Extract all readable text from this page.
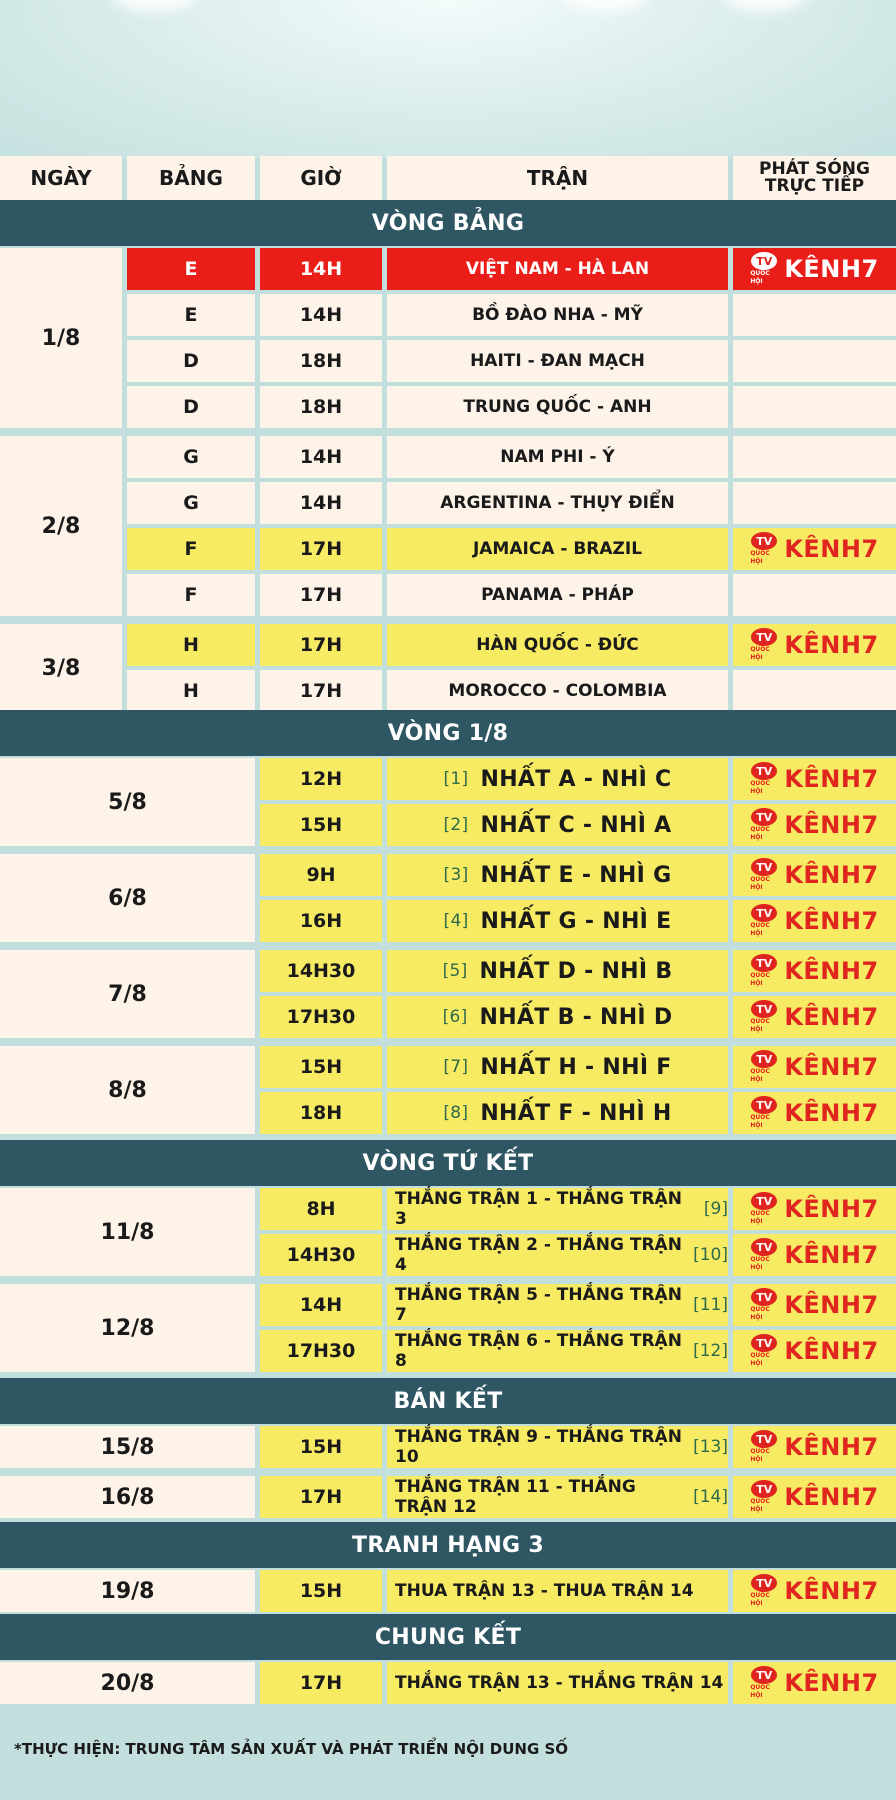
NGÀY	BẢNG	GIỜ	TRẬN	PHÁT SÓNG
TRỰC TIẾP
VÒNG BẢNG
1/8
E	14H	VIỆT NAM - HÀ LAN	TV
QUỐC HỘI KÊNH7
E	14H	BỒ ĐÀO NHA - MỸ
D	18H	HAITI - ĐAN MẠCH
D	18H	TRUNG QUỐC - ANH
2/8
G	14H	NAM PHI - Ý
G	14H	ARGENTINA - THỤY ĐIỂN
F	17H	JAMAICA - BRAZIL	TV
QUỐC HỘI KÊNH7
F	17H	PANAMA - PHÁP
3/8
H	17H	HÀN QUỐC - ĐỨC	TV
QUỐC HỘI KÊNH7
H	17H	MOROCCO - COLOMBIA
VÒNG 1/8
5/8
12H	[1] NHẤT A - NHÌ C	TV
QUỐC HỘI KÊNH7
15H	[2] NHẤT C - NHÌ A	TV
QUỐC HỘI KÊNH7
6/8
9H	[3] NHẤT E - NHÌ G	TV
QUỐC HỘI KÊNH7
16H	[4] NHẤT G - NHÌ E	TV
QUỐC HỘI KÊNH7
7/8
14H30	[5] NHẤT D - NHÌ B	TV
QUỐC HỘI KÊNH7
17H30	[6] NHẤT B - NHÌ D	TV
QUỐC HỘI KÊNH7
8/8
15H	[7] NHẤT H - NHÌ F	TV
QUỐC HỘI KÊNH7
18H	[8] NHẤT F - NHÌ H	TV
QUỐC HỘI KÊNH7
VÒNG TỨ KẾT
11/8
8H	THẮNG TRẬN 1 - THẮNG TRẬN 3	[9]	TV
QUỐC HỘI KÊNH7
14H30	THẮNG TRẬN 2 - THẮNG TRẬN 4	[10]	TV
QUỐC HỘI KÊNH7
12/8
14H	THẮNG TRẬN 5 - THẮNG TRẬN 7	[11]	TV
QUỐC HỘI KÊNH7
17H30	THẮNG TRẬN 6 - THẮNG TRẬN 8	[12]	TV
QUỐC HỘI KÊNH7
BÁN KẾT
15/8	15H	THẮNG TRẬN 9 - THẮNG TRẬN 10	[13]	TV
QUỐC HỘI KÊNH7
16/8	17H	THẮNG TRẬN 11 - THẮNG TRẬN 12	[14]	TV
QUỐC HỘI KÊNH7
TRANH HẠNG 3
19/8	15H	THUA TRẬN 13 - THUA TRẬN 14	TV
QUỐC HỘI KÊNH7
CHUNG KẾT
20/8	17H	THẮNG TRẬN 13 - THẮNG TRẬN 14	TV
QUỐC HỘI KÊNH7
*THỰC HIỆN: TRUNG TÂM SẢN XUẤT VÀ PHÁT TRIỂN NỘI DUNG SỐ
